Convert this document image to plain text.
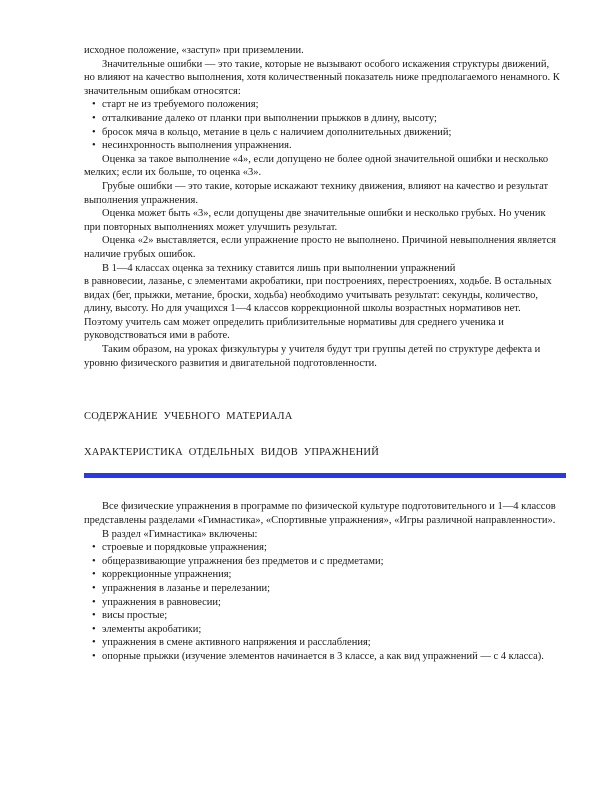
исходное положение, «заступ» при приземлении.

Значительные ошибки — это такие, которые не вызывают особого искажения структуры движений, но влияют на качество выполнения, хотя количественный показатель ниже предполагаемого ненамного. К значительным ошибкам относятся:

• старт не из требуемого положения;
• отталкивание далеко от планки при выполнении прыжков в длину, высоту;
• бросок мяча в кольцо, метание в цель с наличием дополнительных движений;
• несинхронность выполнения упражнения.

Оценка за такое выполнение «4», если допущено не более одной значительной ошибки и несколько мелких; если их больше, то оценка «3».

Грубые ошибки — это такие, которые искажают технику движения, влияют на качество и результат выполнения упражнения.

Оценка может быть «3», если допущены две значительные ошибки и несколько грубых. Но ученик при повторных выполнениях может улучшить результат.

Оценка «2» выставляется, если упражнение просто не выполнено. Причиной невыполнения является наличие грубых ошибок.

В 1—4 классах оценка за технику ставится лишь при выполнении упражнений

в равновесии, лазанье, с элементами акробатики, при построениях, перестроениях, ходьбе. В остальных видах (бег, прыжки, метание, броски, ходьба) необходимо учитывать результат: секунды, количество, длину, высоту. Но для учащихся 1—4 классов коррекционной школы возрастных нормативов нет. Поэтому учитель сам может определить приблизительные нормативы для среднего ученика и руководствоваться ими в работе.

Таким образом, на уроках физкультуры у учителя будут три группы детей по структуре дефекта и уровню физического развития и двигательной подготовленности.

СОДЕРЖАНИЕ УЧЕБНОГО МАТЕРИАЛА

ХАРАКТЕРИСТИКА ОТДЕЛЬНЫХ ВИДОВ УПРАЖНЕНИЙ

Все физические упражнения в программе по физической культуре подготовительного и 1—4 классов представлены разделами «Гимнастика», «Спортивные упражнения», «Игры различной направленности».

В раздел «Гимнастика» включены:

• строевые и порядковые упражнения;
• общеразвивающие упражнения без предметов и с предметами;
• коррекционные упражнения;
• упражнения в лазанье и перелезании;
• упражнения в равновесии;
• висы простые;
• элементы акробатики;
• упражнения в смене активного напряжения и расслабления;
• опорные прыжки (изучение элементов начинается в 3 классе, а как вид упражнений — с 4 класса).
